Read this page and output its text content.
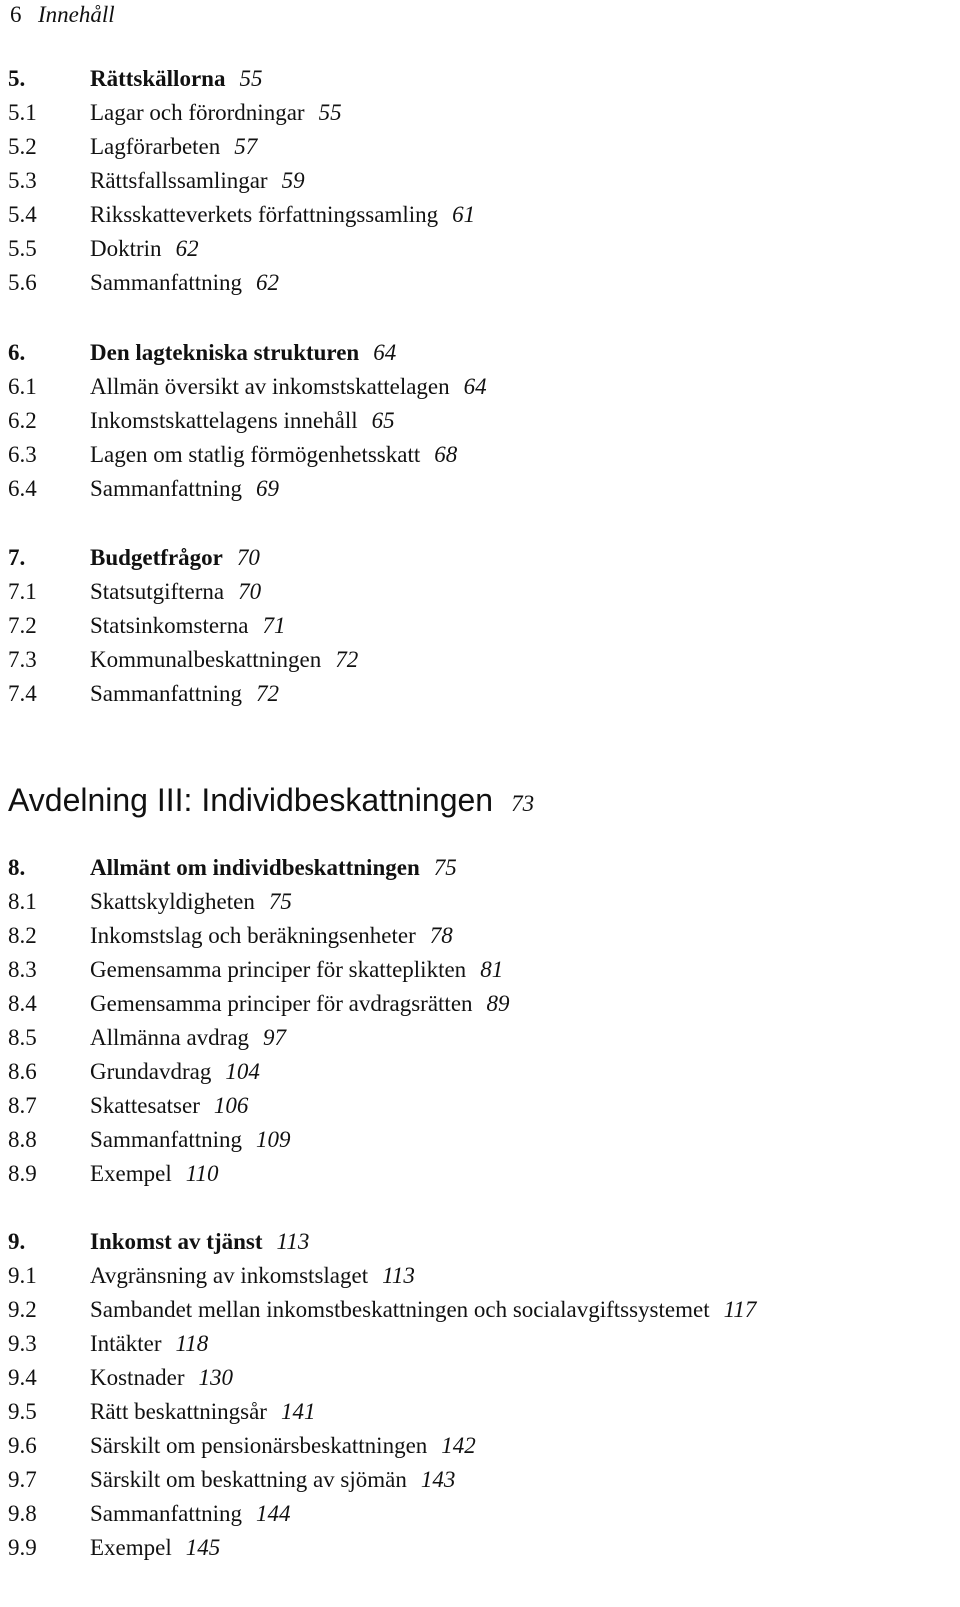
6 Innehåll
5.	Rättskällorna 55
5.1 Lagar och förordningar 55
5.2 Lagförarbeten 57
5.3 Rättsfallssamlingar 59
5.4 Riksskatteverkets författningssamling 61
5.5 Doktrin 62
5.6 Sammanfattning 62
6.	Den lagtekniska strukturen 64
6.1 Allmän översikt av inkomstskattelagen 64
6.2 Inkomstskattelagens innehåll 65
6.3 Lagen om statlig förmögenhetsskatt 68
6.4 Sammanfattning 69
7.	Budgetfrågor 70
7.1 Statsutgifterna 70
7.2 Statsinkomsterna 71
7.3 Kommunalbeskattningen 72
7.4 Sammanfattning 72
Avdelning III: Individbeskattningen 73
8.	Allmänt om individbeskattningen 75
8.1 Skattskyldigheten 75
8.2 Inkomstslag och beräkningsenheter 78
8.3 Gemensamma principer för skatteplikten 81
8.4 Gemensamma principer för avdragsrätten 89
8.5 Allmänna avdrag 97
8.6 Grundavdrag 104
8.7 Skattesatser 106
8.8 Sammanfattning 109
8.9 Exempel 110
9.	Inkomst av tjänst 113
9.1 Avgränsning av inkomstslaget 113
9.2 Sambandet mellan inkomstbeskattningen och socialavgiftssystemet 117
9.3 Intäkter 118
9.4 Kostnader 130
9.5 Rätt beskattningsår 141
9.6 Särskilt om pensionärsbeskattningen 142
9.7 Särskilt om beskattning av sjömän 143
9.8 Sammanfattning 144
9.9 Exempel 145
